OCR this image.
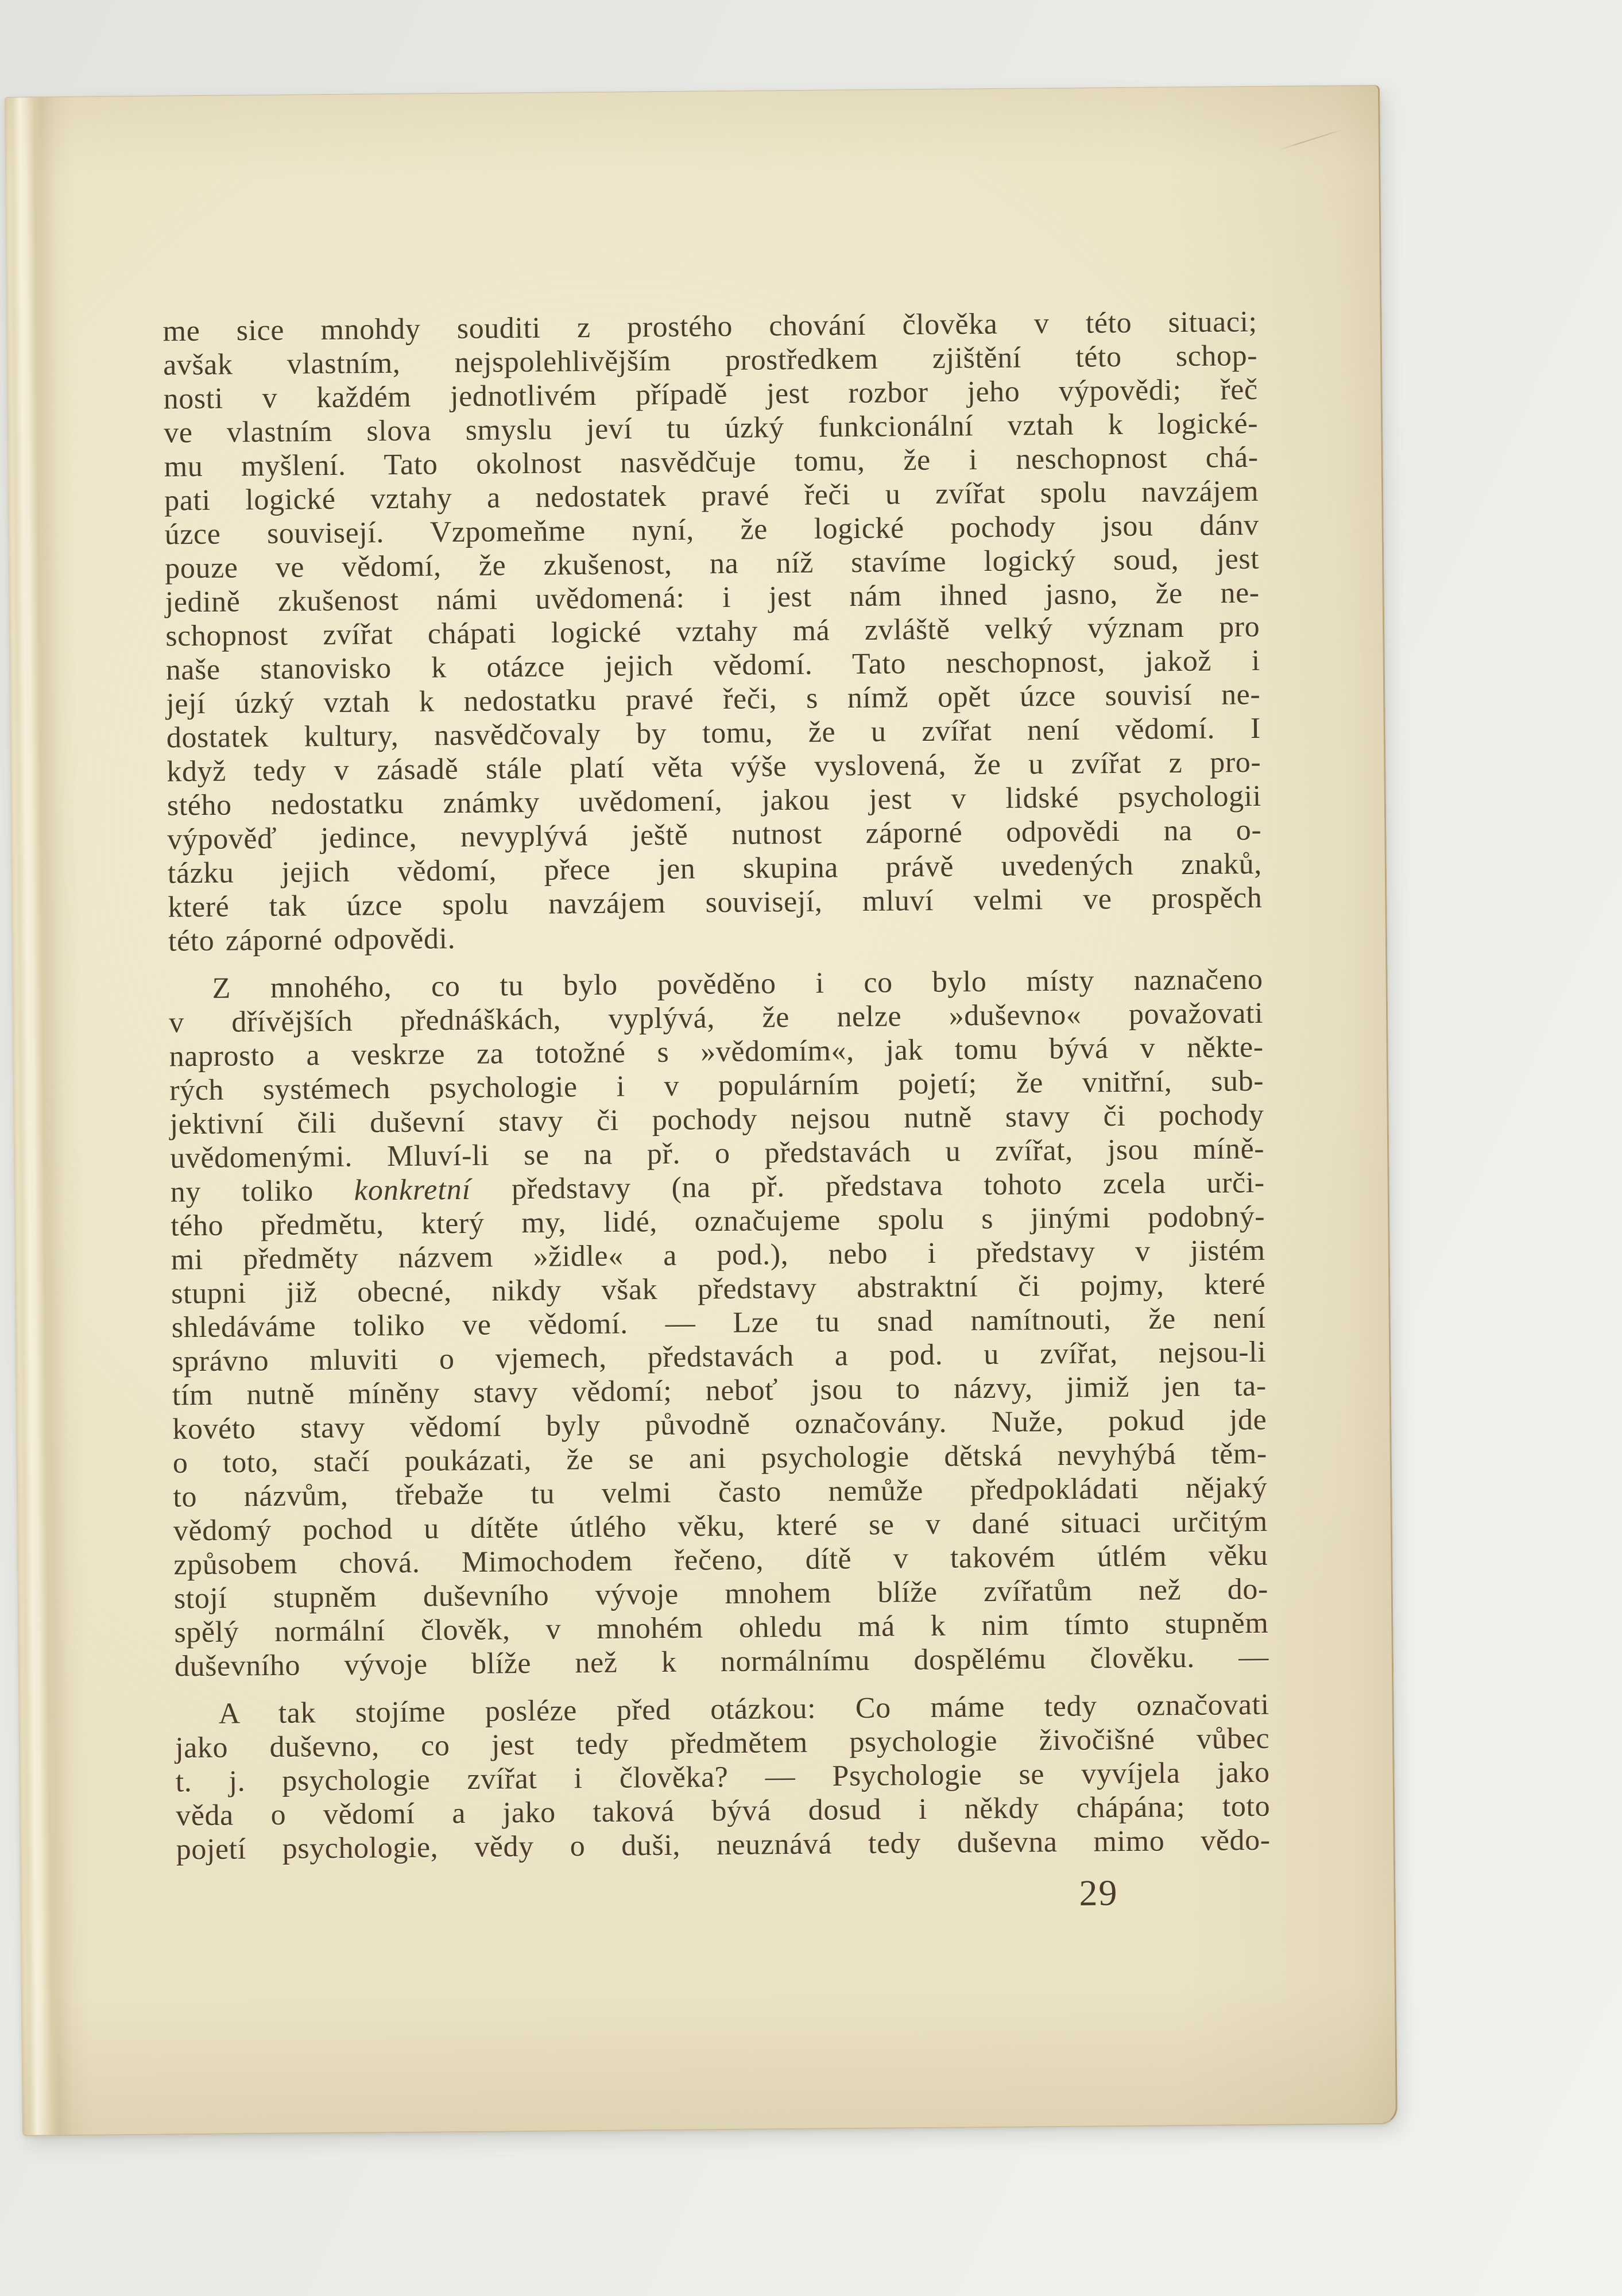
me sice mnohdy souditi z prostého chování člověka v této situaci;
avšak vlastním, nejspolehlivějším prostředkem zjištění této schop-
nosti v každém jednotlivém případě jest rozbor jeho výpovědi; řeč
ve vlastním slova smyslu jeví tu úzký funkcionální vztah k logické-
mu myšlení. Tato okolnost nasvědčuje tomu, že i neschopnost chá-
pati logické vztahy a nedostatek pravé řeči u zvířat spolu navzájem
úzce souvisejí. Vzpomeňme nyní, že logické pochody jsou dánv
pouze ve vědomí, že zkušenost, na níž stavíme logický soud, jest
jedině zkušenost námi uvědomená: i jest nám ihned jasno, že ne-
schopnost zvířat chápati logické vztahy má zvláště velký význam pro
naše stanovisko k otázce jejich vědomí. Tato neschopnost, jakož i
její úzký vztah k nedostatku pravé řeči, s nímž opět úzce souvisí ne-
dostatek kultury, nasvědčovaly by tomu, že u zvířat není vědomí. I
když tedy v zásadě stále platí věta výše vyslovená, že u zvířat z pro-
stého nedostatku známky uvědomení, jakou jest v lidské psychologii
výpověď jedince, nevyplývá ještě nutnost záporné odpovědi na o-
tázku jejich vědomí, přece jen skupina právě uvedených znaků,
které tak úzce spolu navzájem souvisejí, mluví velmi ve prospěch
této záporné odpovědi.
Z mnohého, co tu bylo pověděno i co bylo místy naznačeno
v dřívějších přednáškách, vyplývá, že nelze »duševno« považovati
naprosto a veskrze za totožné s »vědomím«, jak tomu bývá v někte-
rých systémech psychologie i v populárním pojetí; že vnitřní, sub-
jektivní čili duševní stavy či pochody nejsou nutně stavy či pochody
uvědomenými. Mluví-li se na př. o představách u zvířat, jsou míně-
ny toliko konkretní představy (na př. představa tohoto zcela urči-
tého předmětu, který my, lidé, označujeme spolu s jinými podobný-
mi předměty názvem »židle« a pod.), nebo i představy v jistém
stupni již obecné, nikdy však představy abstraktní či pojmy, které
shledáváme toliko ve vědomí. — Lze tu snad namítnouti, že není
správno mluviti o vjemech, představách a pod. u zvířat, nejsou-li
tím nutně míněny stavy vědomí; neboť jsou to názvy, jimiž jen ta-
kovéto stavy vědomí byly původně označovány. Nuže, pokud jde
o toto, stačí poukázati, že se ani psychologie dětská nevyhýbá těm-
to názvům, třebaže tu velmi často nemůže předpokládati nějaký
vědomý pochod u dítěte útlého věku, které se v dané situaci určitým
způsobem chová. Mimochodem řečeno, dítě v takovém útlém věku
stojí stupněm duševního vývoje mnohem blíže zvířatům než do-
spělý normální člověk, v mnohém ohledu má k nim tímto stupněm
duševního vývoje blíže než k normálnímu dospělému člověku. —
A tak stojíme posléze před otázkou: Co máme tedy označovati
jako duševno, co jest tedy předmětem psychologie živočišné vůbec
t. j. psychologie zvířat i člověka? — Psychologie se vyvíjela jako
věda o vědomí a jako taková bývá dosud i někdy chápána; toto
pojetí psychologie, vědy o duši, neuznává tedy duševna mimo vědo-
29
